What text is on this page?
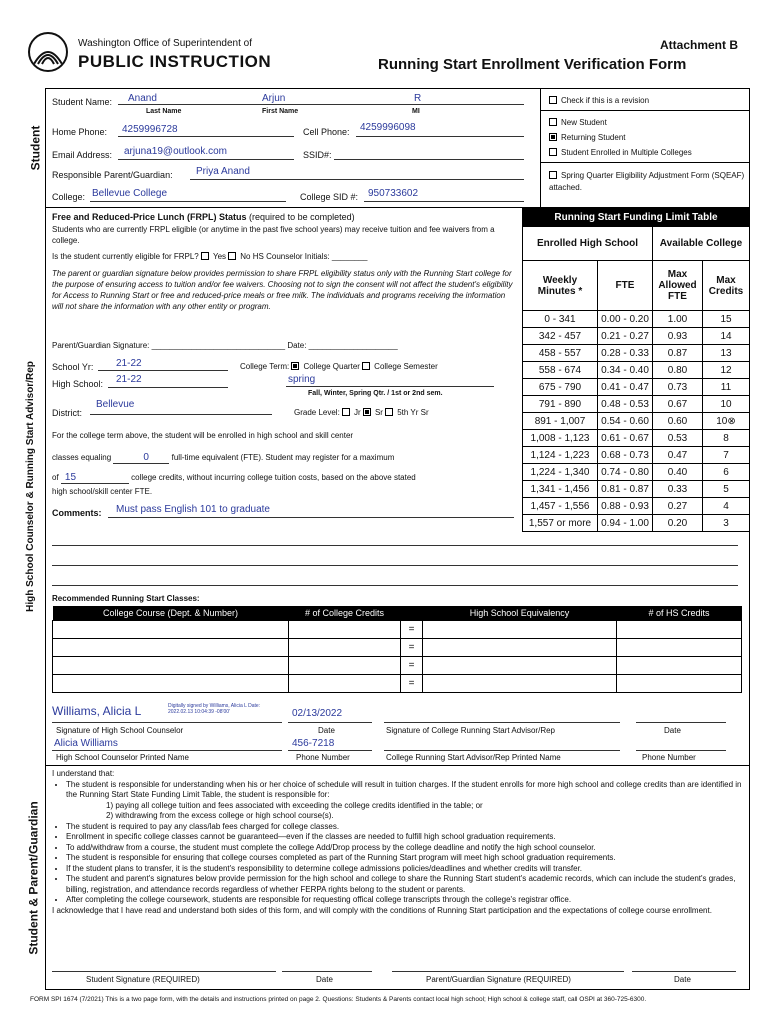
Washington Office of Superintendent of
PUBLIC INSTRUCTION
Attachment B
Running Start Enrollment Verification Form
Student
Student Name: Anand	Arjun	R
Last Name	First Name	MI
Home Phone: 4259996728	Cell Phone: 4259996098
Email Address: arjuna19@outlook.com	SSID#:
Responsible Parent/Guardian: Priya Anand
College: Bellevue College	College SID #: 950733602
Check if this is a revision
New Student
Returning Student
Student Enrolled in Multiple Colleges
Spring Quarter Eligibility Adjustment Form (SQEAF) attached.
High School Counselor & Running Start Advisor/Rep
Free and Reduced-Price Lunch (FRPL) Status (required to be completed)
Students who are currently FRPL eligible (or anytime in the past five school years) may receive tuition and fee waivers from a college.
Is the student currently eligible for FRPL? Yes No HS Counselor Initials: ________
The parent or guardian signature below provides permission to share FRPL eligibility status only with the Running Start college for the purpose of ensuring access to tuition and/or fee waivers. Choosing not to sign the consent will not affect the student's eligibility for Access to Running Start or free and reduced-price meals or free milk. The individuals and programs receiving the information will not share the information with any other entity or program.
Parent/Guardian Signature: ______________________________ Date: ____________________
School Yr: 21-22	College Term: College Quarter College Semester
High School: 21-22	spring
Fall, Winter, Spring Qtr. / 1st or 2nd sem.
District:
Bellevue
Grade Level: Jr Sr 5th Yr Sr
For the college term above, the student will be enrolled in high school and skill center
classes equaling	0	full-time equivalent (FTE). Student may register for a maximum
of 15	college credits, without incurring college tuition costs, based on the above stated
high school/skill center FTE.
Comments: Must pass English 101 to graduate
Running Start Funding Limit Table			
Enrolled High School		Available College	
Weekly Minutes *	FTE	Max Allowed FTE	Max Credits
0 - 341	0.00 - 0.20	1.00	15
342 - 457	0.21 - 0.27	0.93	14
458 - 557	0.28 - 0.33	0.87	13
558 - 674	0.34 - 0.40	0.80	12
675 - 790	0.41 - 0.47	0.73	11
791 - 890	0.48 - 0.53	0.67	10
891 - 1,007	0.54 - 0.60	0.60	10⊗
1,008 - 1,123	0.61 - 0.67	0.53	8
1,124 - 1,223	0.68 - 0.73	0.47	7
1,224 - 1,340	0.74 - 0.80	0.40	6
1,341 - 1,456	0.81 - 0.87	0.33	5
1,457 - 1,556	0.88 - 0.93	0.27	4
1,557 or more	0.94 - 1.00	0.20	3
Recommended Running Start Classes:
College Course (Dept. & Number)	# of College Credits		High School Equivalency	# of HS Credits
		=		
		=		
		=		
		=		
Williams, Alicia L	Digitally signed by Williams, Alicia L Date: 2022.02.13 10:04:39 -08'00'	02/13/2022
Signature of High School Counselor	Date	Signature of College Running Start Advisor/Rep	Date
Alicia Williams	456-7218
High School Counselor Printed Name	Phone Number	College Running Start Advisor/Rep Printed Name	Phone Number
Student & Parent/Guardian
I understand that:
• The student is responsible for understanding when his or her choice of schedule will result in tuition charges. If the student enrolls for more high school and college credits than are identified in the Running Start State Funding Limit Table, the student is responsible for:
1) paying all college tuition and fees associated with exceeding the college credits identified in the table; or
2) withdrawing from the excess college or high school course(s).
• The student is required to pay any class/lab fees charged for college classes.
• Enrollment in specific college classes cannot be guaranteed—even if the classes are needed to fulfill high school graduation requirements.
• To add/withdraw from a course, the student must complete the college Add/Drop process by the college deadline and notify the high school counselor.
• The student is responsible for ensuring that college courses completed as part of the Running Start program will meet high school graduation requirements.
• If the student plans to transfer, it is the student's responsibility to determine college admissions policies/deadlines and whether credits will transfer.
• The student and parent's signatures below provide permission for the high school and college to share the Running Start student's academic records, which can include the student's grades, billing, registration, and attendance records regardless of whether FERPA rights belong to the student or parents.
• After completing the college coursework, students are responsible for requesting offical college transcripts through the college's registrar office.
I acknowledge that I have read and understand both sides of this form, and will comply with the conditions of Running Start participation and the expectations of college course enrollment.
Student Signature (REQUIRED)	Date	Parent/Guardian Signature (REQUIRED)	Date
FORM SPI 1674 (7/2021) This is a two page form, with the details and instructions printed on page 2. Questions: Students & Parents contact local high school; High school & college staff, call OSPI at 360-725-6300.
